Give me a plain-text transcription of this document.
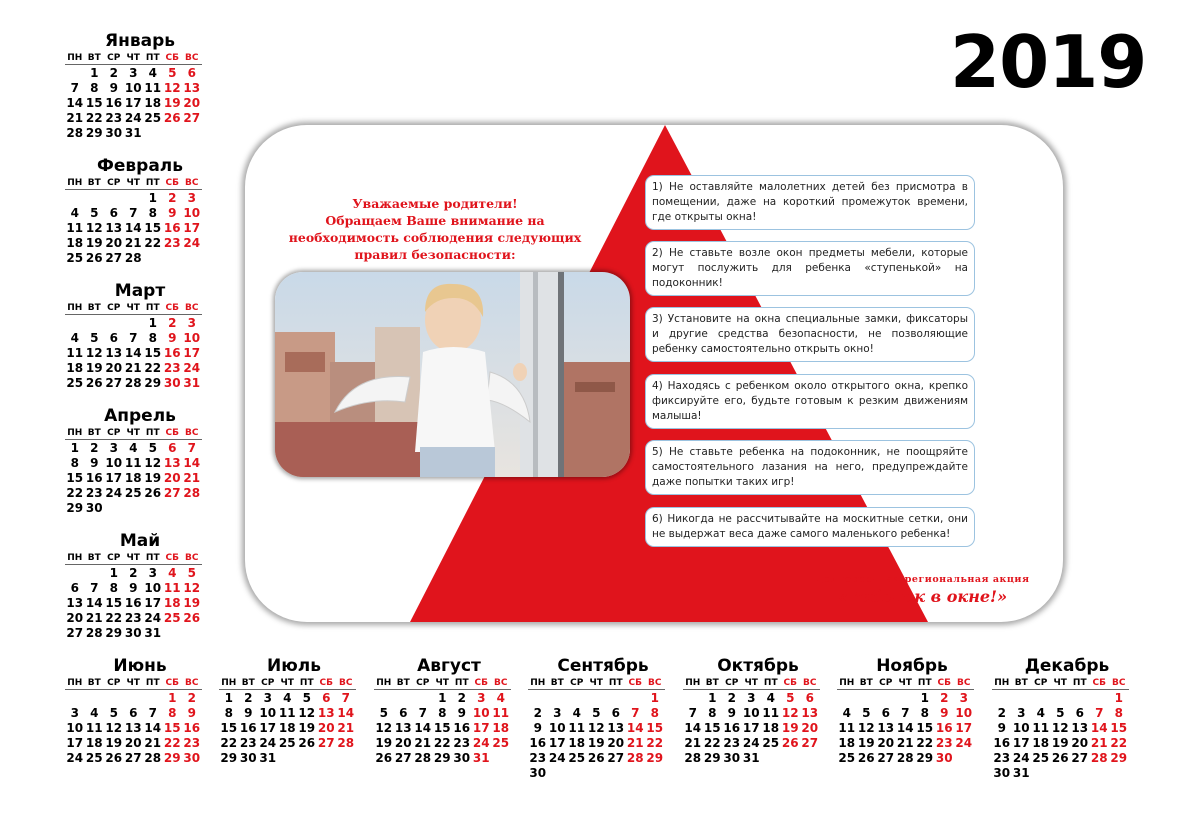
2019
Январь
ПН ВТ СР ЧТ ПТ СБ ВС
1 2 3 4 5 6
7 8 9 10 11 12 13
14 15 16 17 18 19 20
21 22 23 24 25 26 27
28 29 30 31
Февраль
ПН ВТ СР ЧТ ПТ СБ ВС
1 2 3
4 5 6 7 8 9 10
11 12 13 14 15 16 17
18 19 20 21 22 23 24
25 26 27 28
Март
ПН ВТ СР ЧТ ПТ СБ ВС
1 2 3
4 5 6 7 8 9 10
11 12 13 14 15 16 17
18 19 20 21 22 23 24
25 26 27 28 29 30 31
Апрель
ПН ВТ СР ЧТ ПТ СБ ВС
1 2 3 4 5 6 7
8 9 10 11 12 13 14
15 16 17 18 19 20 21
22 23 24 25 26 27 28
29 30
Май
ПН ВТ СР ЧТ ПТ СБ ВС
1 2 3 4 5
6 7 8 9 10 11 12
13 14 15 16 17 18 19
20 21 22 23 24 25 26
27 28 29 30 31
Июнь
ПН ВТ СР ЧТ ПТ СБ ВС
1 2
3 4 5 6 7 8 9
10 11 12 13 14 15 16
17 18 19 20 21 22 23
24 25 26 27 28 29 30
Июль
ПН ВТ СР ЧТ ПТ СБ ВС
1 2 3 4 5 6 7
8 9 10 11 12 13 14
15 16 17 18 19 20 21
22 23 24 25 26 27 28
29 30 31
Август
ПН ВТ СР ЧТ ПТ СБ ВС
1 2 3 4
5 6 7 8 9 10 11
12 13 14 15 16 17 18
19 20 21 22 23 24 25
26 27 28 29 30 31
Сентябрь
ПН ВТ СР ЧТ ПТ СБ ВС
1
2 3 4 5 6 7 8
9 10 11 12 13 14 15
16 17 18 19 20 21 22
23 24 25 26 27 28 29
30
Октябрь
ПН ВТ СР ЧТ ПТ СБ ВС
1 2 3 4 5 6
7 8 9 10 11 12 13
14 15 16 17 18 19 20
21 22 23 24 25 26 27
28 29 30 31
Ноябрь
ПН ВТ СР ЧТ ПТ СБ ВС
1 2 3
4 5 6 7 8 9 10
11 12 13 14 15 16 17
18 19 20 21 22 23 24
25 26 27 28 29 30
Декабрь
ПН ВТ СР ЧТ ПТ СБ ВС
1
2 3 4 5 6 7 8
9 10 11 12 13 14 15
16 17 18 19 20 21 22
23 24 25 26 27 28 29
30 31
Уважаемые родители!
Обращаем Ваше внимание на
необходимость соблюдения следующих
правил безопасности:
1) Не оставляйте малолетних детей без присмотра в помещении, даже на короткий промежуток времени, где открыты окна!
2) Не ставьте возле окон предметы мебели, которые могут послужить для ребенка «ступенькой» на подоконник!
3) Установите на окна специальные замки, фиксаторы и другие средства безопасности, не позволяющие ребенку самостоятельно открыть окно!
4) Находясь с ребенком около открытого окна, крепко фиксируйте его, будьте готовым к резким движениям малыша!
5) Не ставьте ребенка на подоконник, не поощряйте самостоятельного лазания на него, предупреждайте даже попытки таких игр!
6) Никогда не рассчитывайте на москитные сетки, они не выдержат веса даже самого маленького ребенка!
Долгосрочная региональная акция
«Ребенок в окне!»
